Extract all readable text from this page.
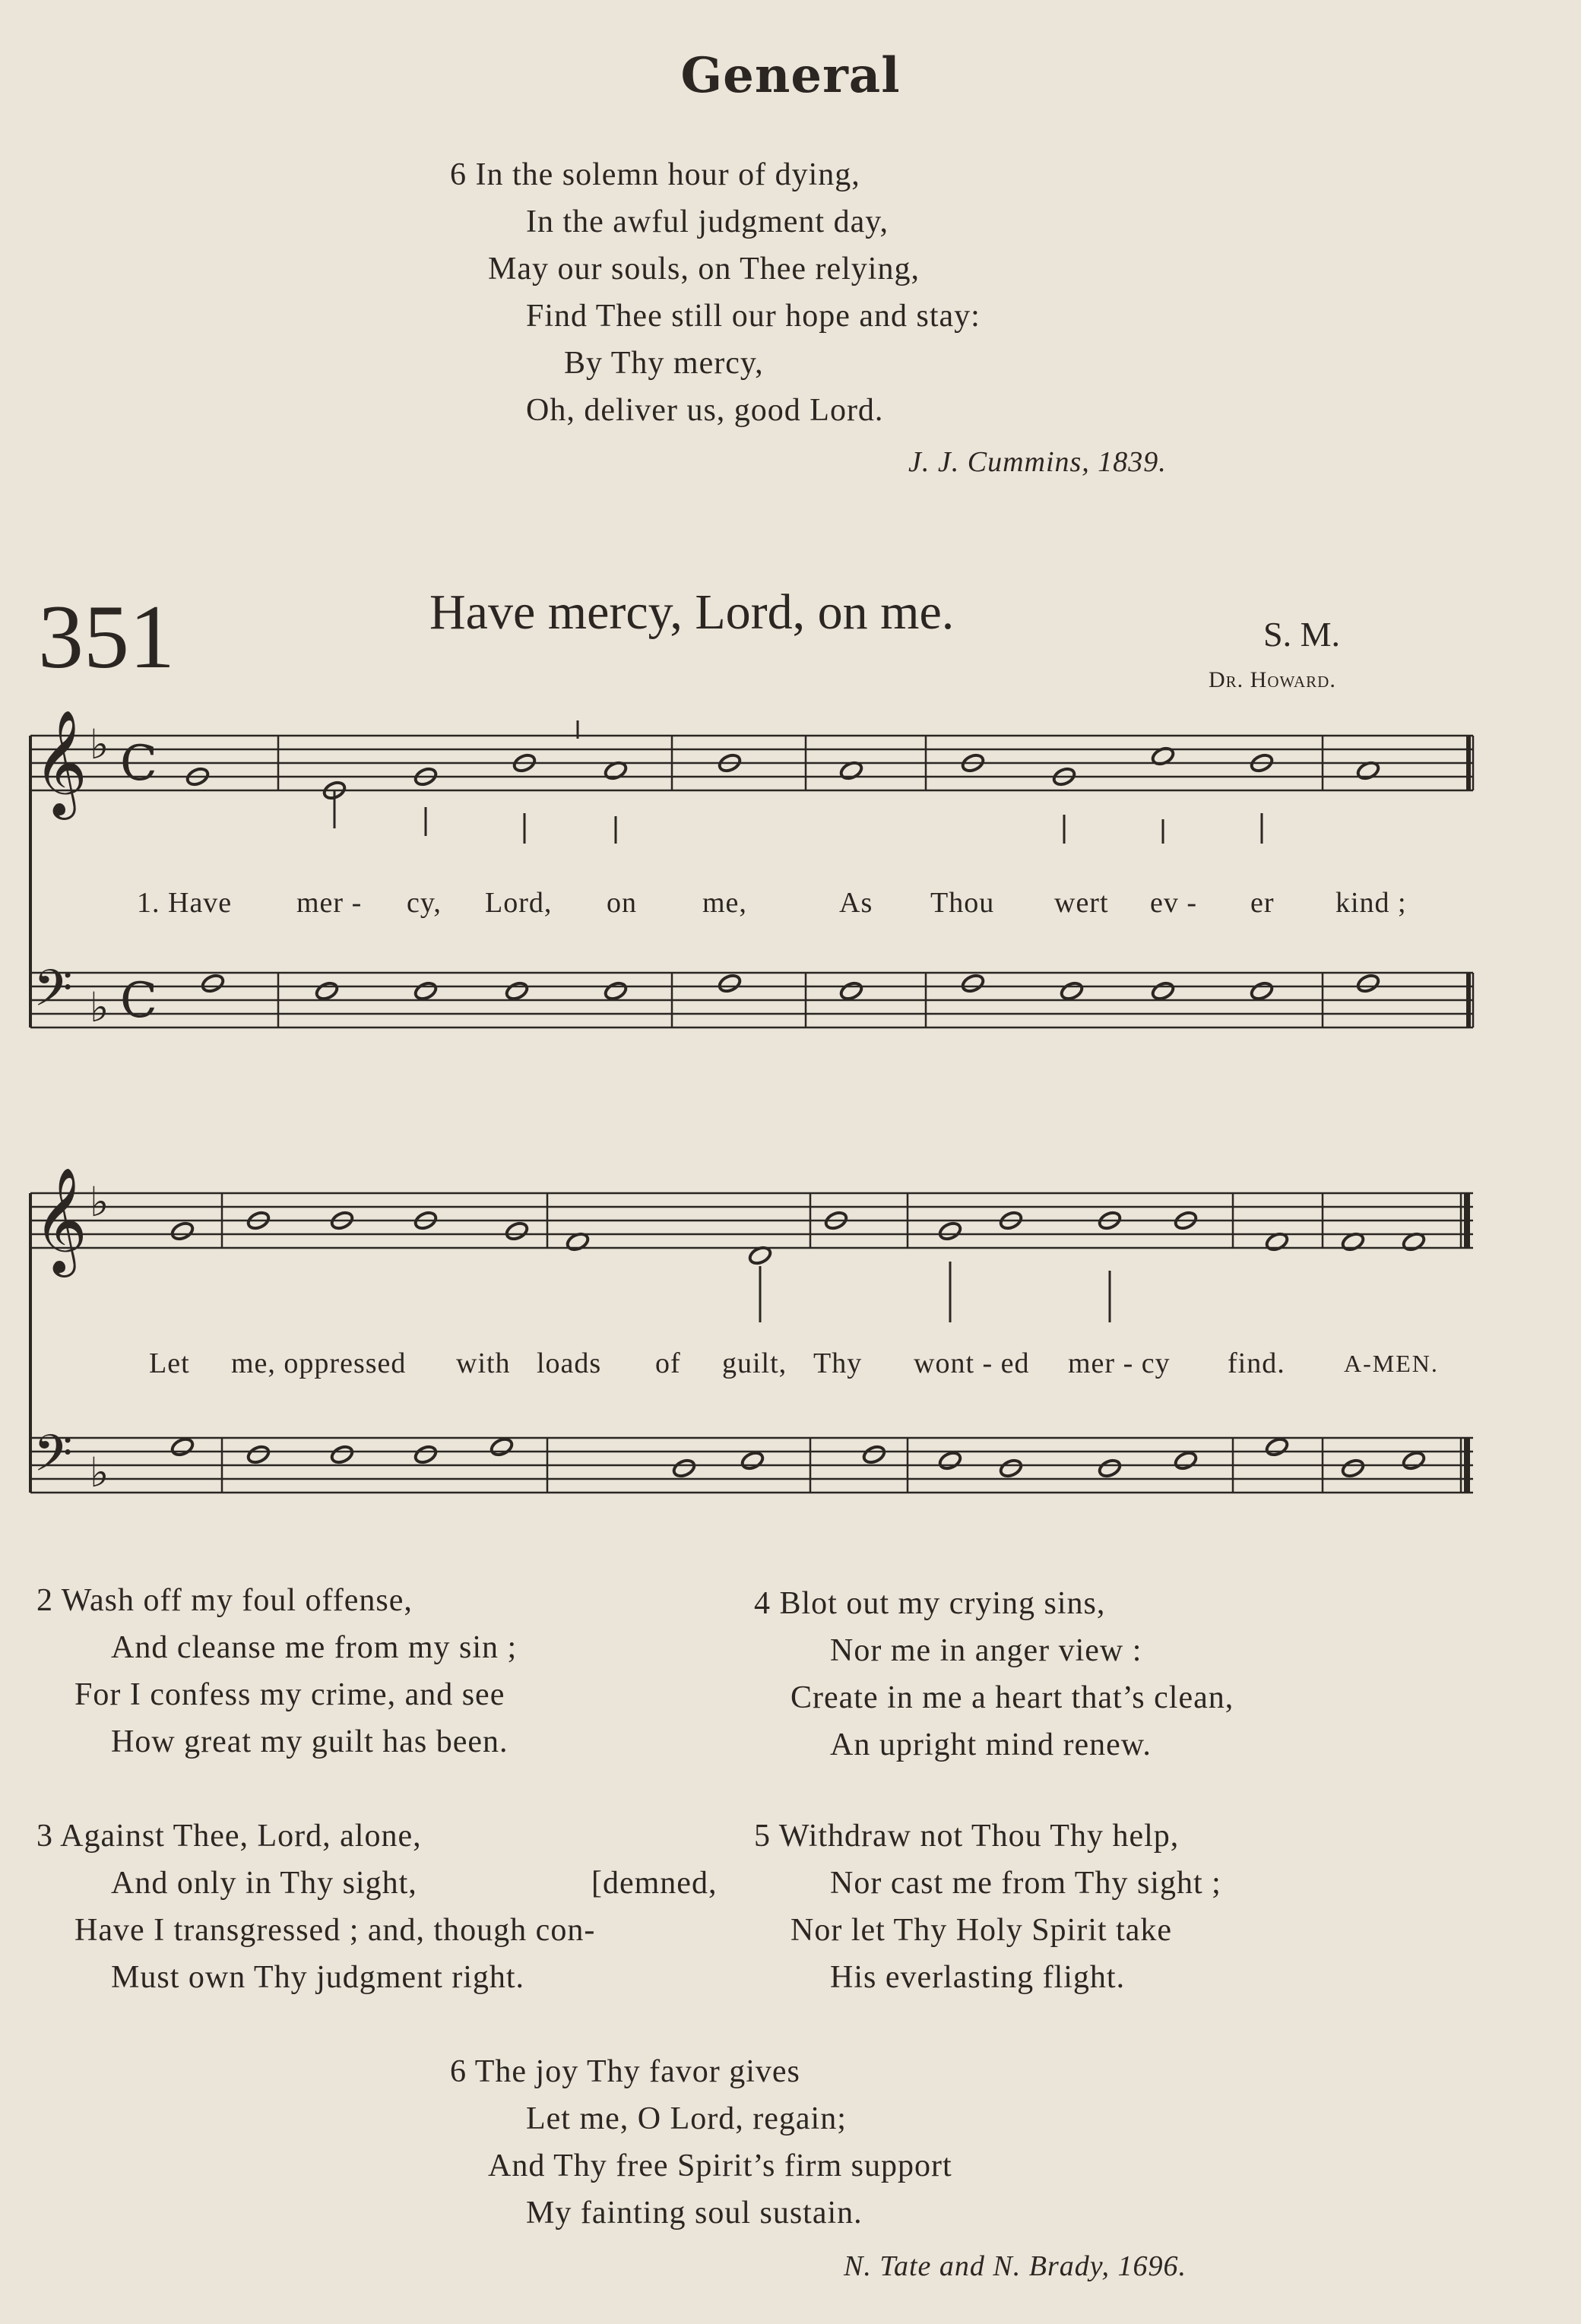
General
6 In the solemn hour of dying,
In the awful judgment day,
May our souls, on Thee relying,
Find Thee still our hope and stay:
By Thy mercy,
Oh, deliver us, good Lord.
J. J. Cummins, 1839.
351	Have mercy, Lord, on me.	S. M.
Dr. Howard.
𝄞 ♭
𝄢 ♭
𝄞 ♭
𝄢 ♭
C
C
1. Have mer - cy, Lord, on me,	As Thou wert ev - er kind ;
Let me, oppressed with loads of guilt, Thy wont - ed mer - cy find. A-MEN.
2 Wash off my foul offense,
And cleanse me from my sin ;
For I confess my crime, and see
How great my guilt has been.
4 Blot out my crying sins,
Nor me in anger view :
Create in me a heart that’s clean,
An upright mind renew.
3 Against Thee, Lord, alone,
And only in Thy sight,	[demned,
Have I transgressed ; and, though con-
Must own Thy judgment right.
5 Withdraw not Thou Thy help,
Nor cast me from Thy sight ;
Nor let Thy Holy Spirit take
His everlasting flight.
6 The joy Thy favor gives
Let me, O Lord, regain;
And Thy free Spirit’s firm support
My fainting soul sustain.
N. Tate and N. Brady, 1696.
